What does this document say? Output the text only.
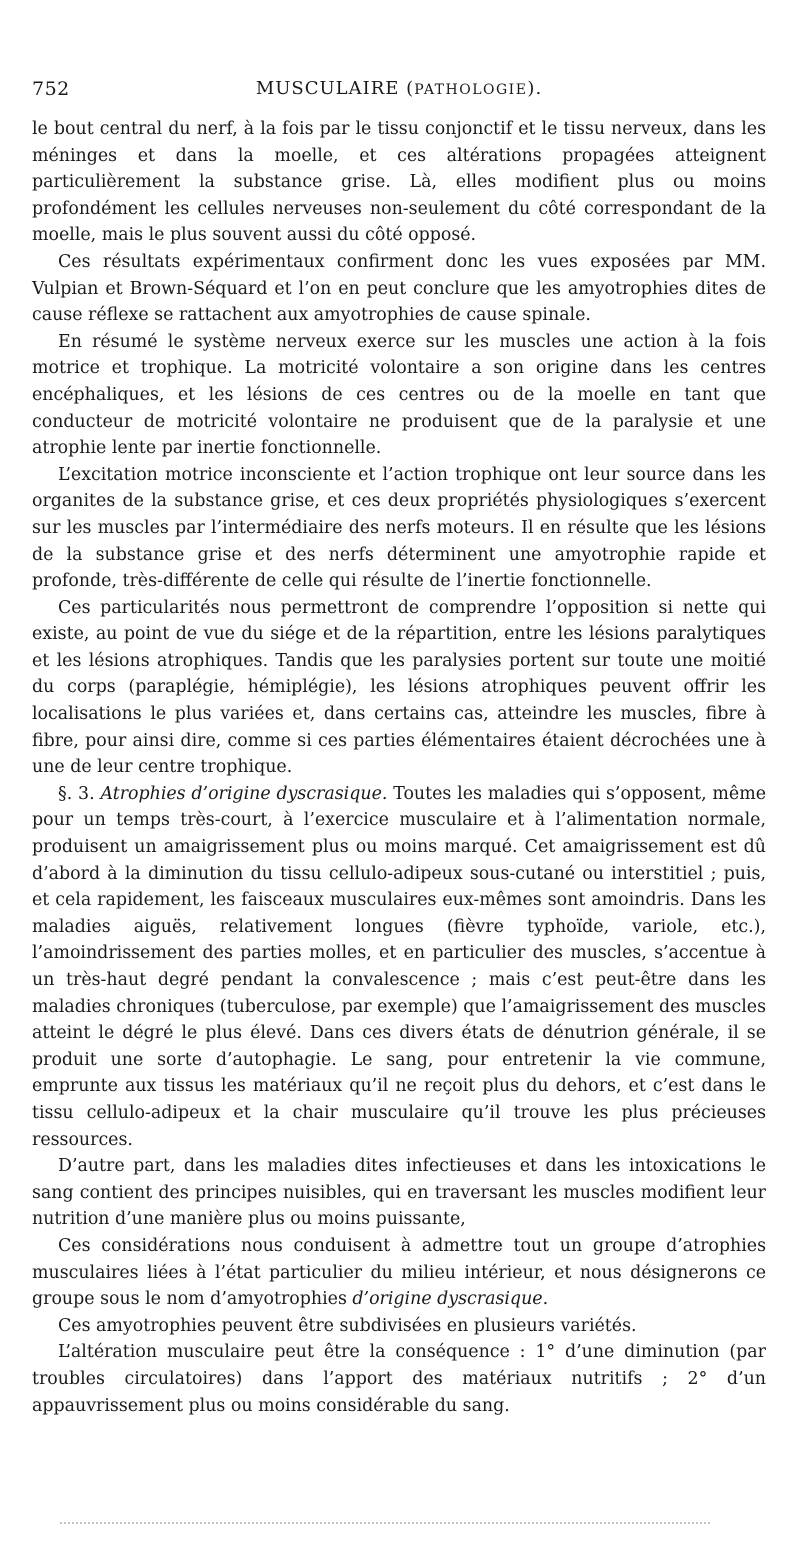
752	MUSCULAIRE (PATHOLOGIE).

le bout central du nerf, à la fois par le tissu conjonctif et le tissu nerveux, dans les méninges et dans la moelle, et ces altérations propagées atteignent particulièrement la substance grise. Là, elles modifient plus ou moins profondément les cellules nerveuses non-seulement du côté correspondant de la moelle, mais le plus souvent aussi du côté opposé.

Ces résultats expérimentaux confirment donc les vues exposées par MM. Vulpian et Brown-Séquard et l’on en peut conclure que les amyotrophies dites de cause réflexe se rattachent aux amyotrophies de cause spinale.

En résumé le système nerveux exerce sur les muscles une action à la fois motrice et trophique. La motricité volontaire a son origine dans les centres encéphaliques, et les lésions de ces centres ou de la moelle en tant que conducteur de motricité volontaire ne produisent que de la paralysie et une atrophie lente par inertie fonctionnelle.

L’excitation motrice inconsciente et l’action trophique ont leur source dans les organites de la substance grise, et ces deux propriétés physiologiques s’exercent sur les muscles par l’intermédiaire des nerfs moteurs. Il en résulte que les lésions de la substance grise et des nerfs déterminent une amyotrophie rapide et profonde, très-différente de celle qui résulte de l’inertie fonctionnelle.

Ces particularités nous permettront de comprendre l’opposition si nette qui existe, au point de vue du siége et de la répartition, entre les lésions paralytiques et les lésions atrophiques. Tandis que les paralysies portent sur toute une moitié du corps (paraplégie, hémiplégie), les lésions atrophiques peuvent offrir les localisations le plus variées et, dans certains cas, atteindre les muscles, fibre à fibre, pour ainsi dire, comme si ces parties élémentaires étaient décrochées une à une de leur centre trophique.

§. 3. Atrophies d’origine dyscrasique. Toutes les maladies qui s’opposent, même pour un temps très-court, à l’exercice musculaire et à l’alimentation normale, produisent un amaigrissement plus ou moins marqué. Cet amaigrissement est dû d’abord à la diminution du tissu cellulo-adipeux sous-cutané ou interstitiel ; puis, et cela rapidement, les faisceaux musculaires eux-mêmes sont amoindris. Dans les maladies aiguës, relativement longues (fièvre typhoïde, variole, etc.), l’amoindrissement des parties molles, et en particulier des muscles, s’accentue à un très-haut degré pendant la convalescence ; mais c’est peut-être dans les maladies chroniques (tuberculose, par exemple) que l’amaigrissement des muscles atteint le dégré le plus élevé. Dans ces divers états de dénutrion générale, il se produit une sorte d’autophagie. Le sang, pour entretenir la vie commune, emprunte aux tissus les matériaux qu’il ne reçoit plus du dehors, et c’est dans le tissu cellulo-adipeux et la chair musculaire qu’il trouve les plus précieuses ressources.

D’autre part, dans les maladies dites infectieuses et dans les intoxications le sang contient des principes nuisibles, qui en traversant les muscles modifient leur nutrition d’une manière plus ou moins puissante,

Ces considérations nous conduisent à admettre tout un groupe d’atrophies musculaires liées à l’état particulier du milieu intérieur, et nous désignerons ce groupe sous le nom d’amyotrophies d’origine dyscrasique.

Ces amyotrophies peuvent être subdivisées en plusieurs variétés.

L’altération musculaire peut être la conséquence : 1° d’une diminution (par troubles circulatoires) dans l’apport des matériaux nutritifs ; 2° d’un appauvrissement plus ou moins considérable du sang.
